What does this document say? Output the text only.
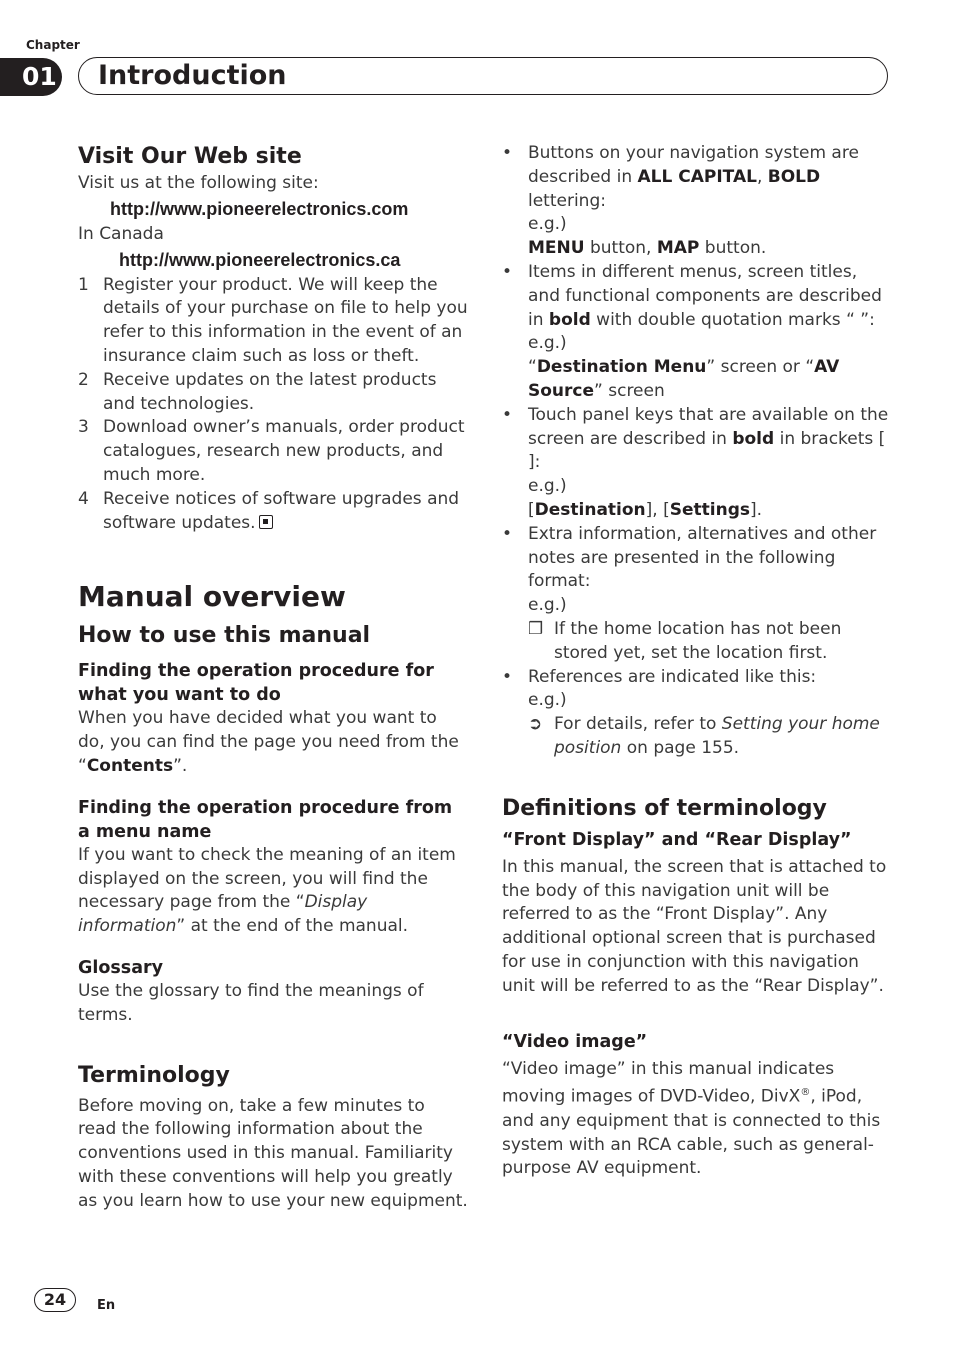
Chapter
01 Introduction
Visit Our Web site

Visit us at the following site:

http://www.pioneerelectronics.com

In Canada

http://www.pioneerelectronics.ca
1 Register your product. We will keep the details of your purchase on file to help you refer to this information in the event of an insurance claim such as loss or theft.
2 Receive updates on the latest products and technologies.
3 Download owner’s manuals, order product catalogues, research new products, and much more.
4 Receive notices of software upgrades and software updates.
Manual overview
How to use this manual
Finding the operation procedure for what you want to do

When you have decided what you want to do, you can find the page you need from the “Contents”.

Finding the operation procedure from a menu name

If you want to check the meaning of an item displayed on the screen, you will find the necessary page from the “Display information” at the end of the manual.

Glossary

Use the glossary to find the meanings of terms.

Terminology

Before moving on, take a few minutes to read the following information about the conventions used in this manual. Familiarity with these conventions will help you greatly as you learn how to use your new equipment.

• Buttons on your navigation system are described in ALL CAPITAL, BOLD lettering:
e.g.)
MENU button, MAP button.
• Items in different menus, screen titles, and functional components are described in bold with double quotation marks “ ”:
e.g.)
“Destination Menu” screen or “AV Source” screen
• Touch panel keys that are available on the screen are described in bold in brackets [ ]:
e.g.)
[Destination], [Settings].
• Extra information, alternatives and other notes are presented in the following format:
e.g.)
❒ If the home location has not been stored yet, set the location first.
• References are indicated like this:
e.g.)
➲ For details, refer to Setting your home position on page 155.
Definitions of terminology
“Front Display” and “Rear Display”

In this manual, the screen that is attached to the body of this navigation unit will be referred to as the “Front Display”. Any additional optional screen that is purchased for use in conjunction with this navigation unit will be referred to as the “Rear Display”.

“Video image”

“Video image” in this manual indicates moving images of DVD-Video, DivX®, iPod, and any equipment that is connected to this system with an RCA cable, such as general-purpose AV equipment.

24	En
